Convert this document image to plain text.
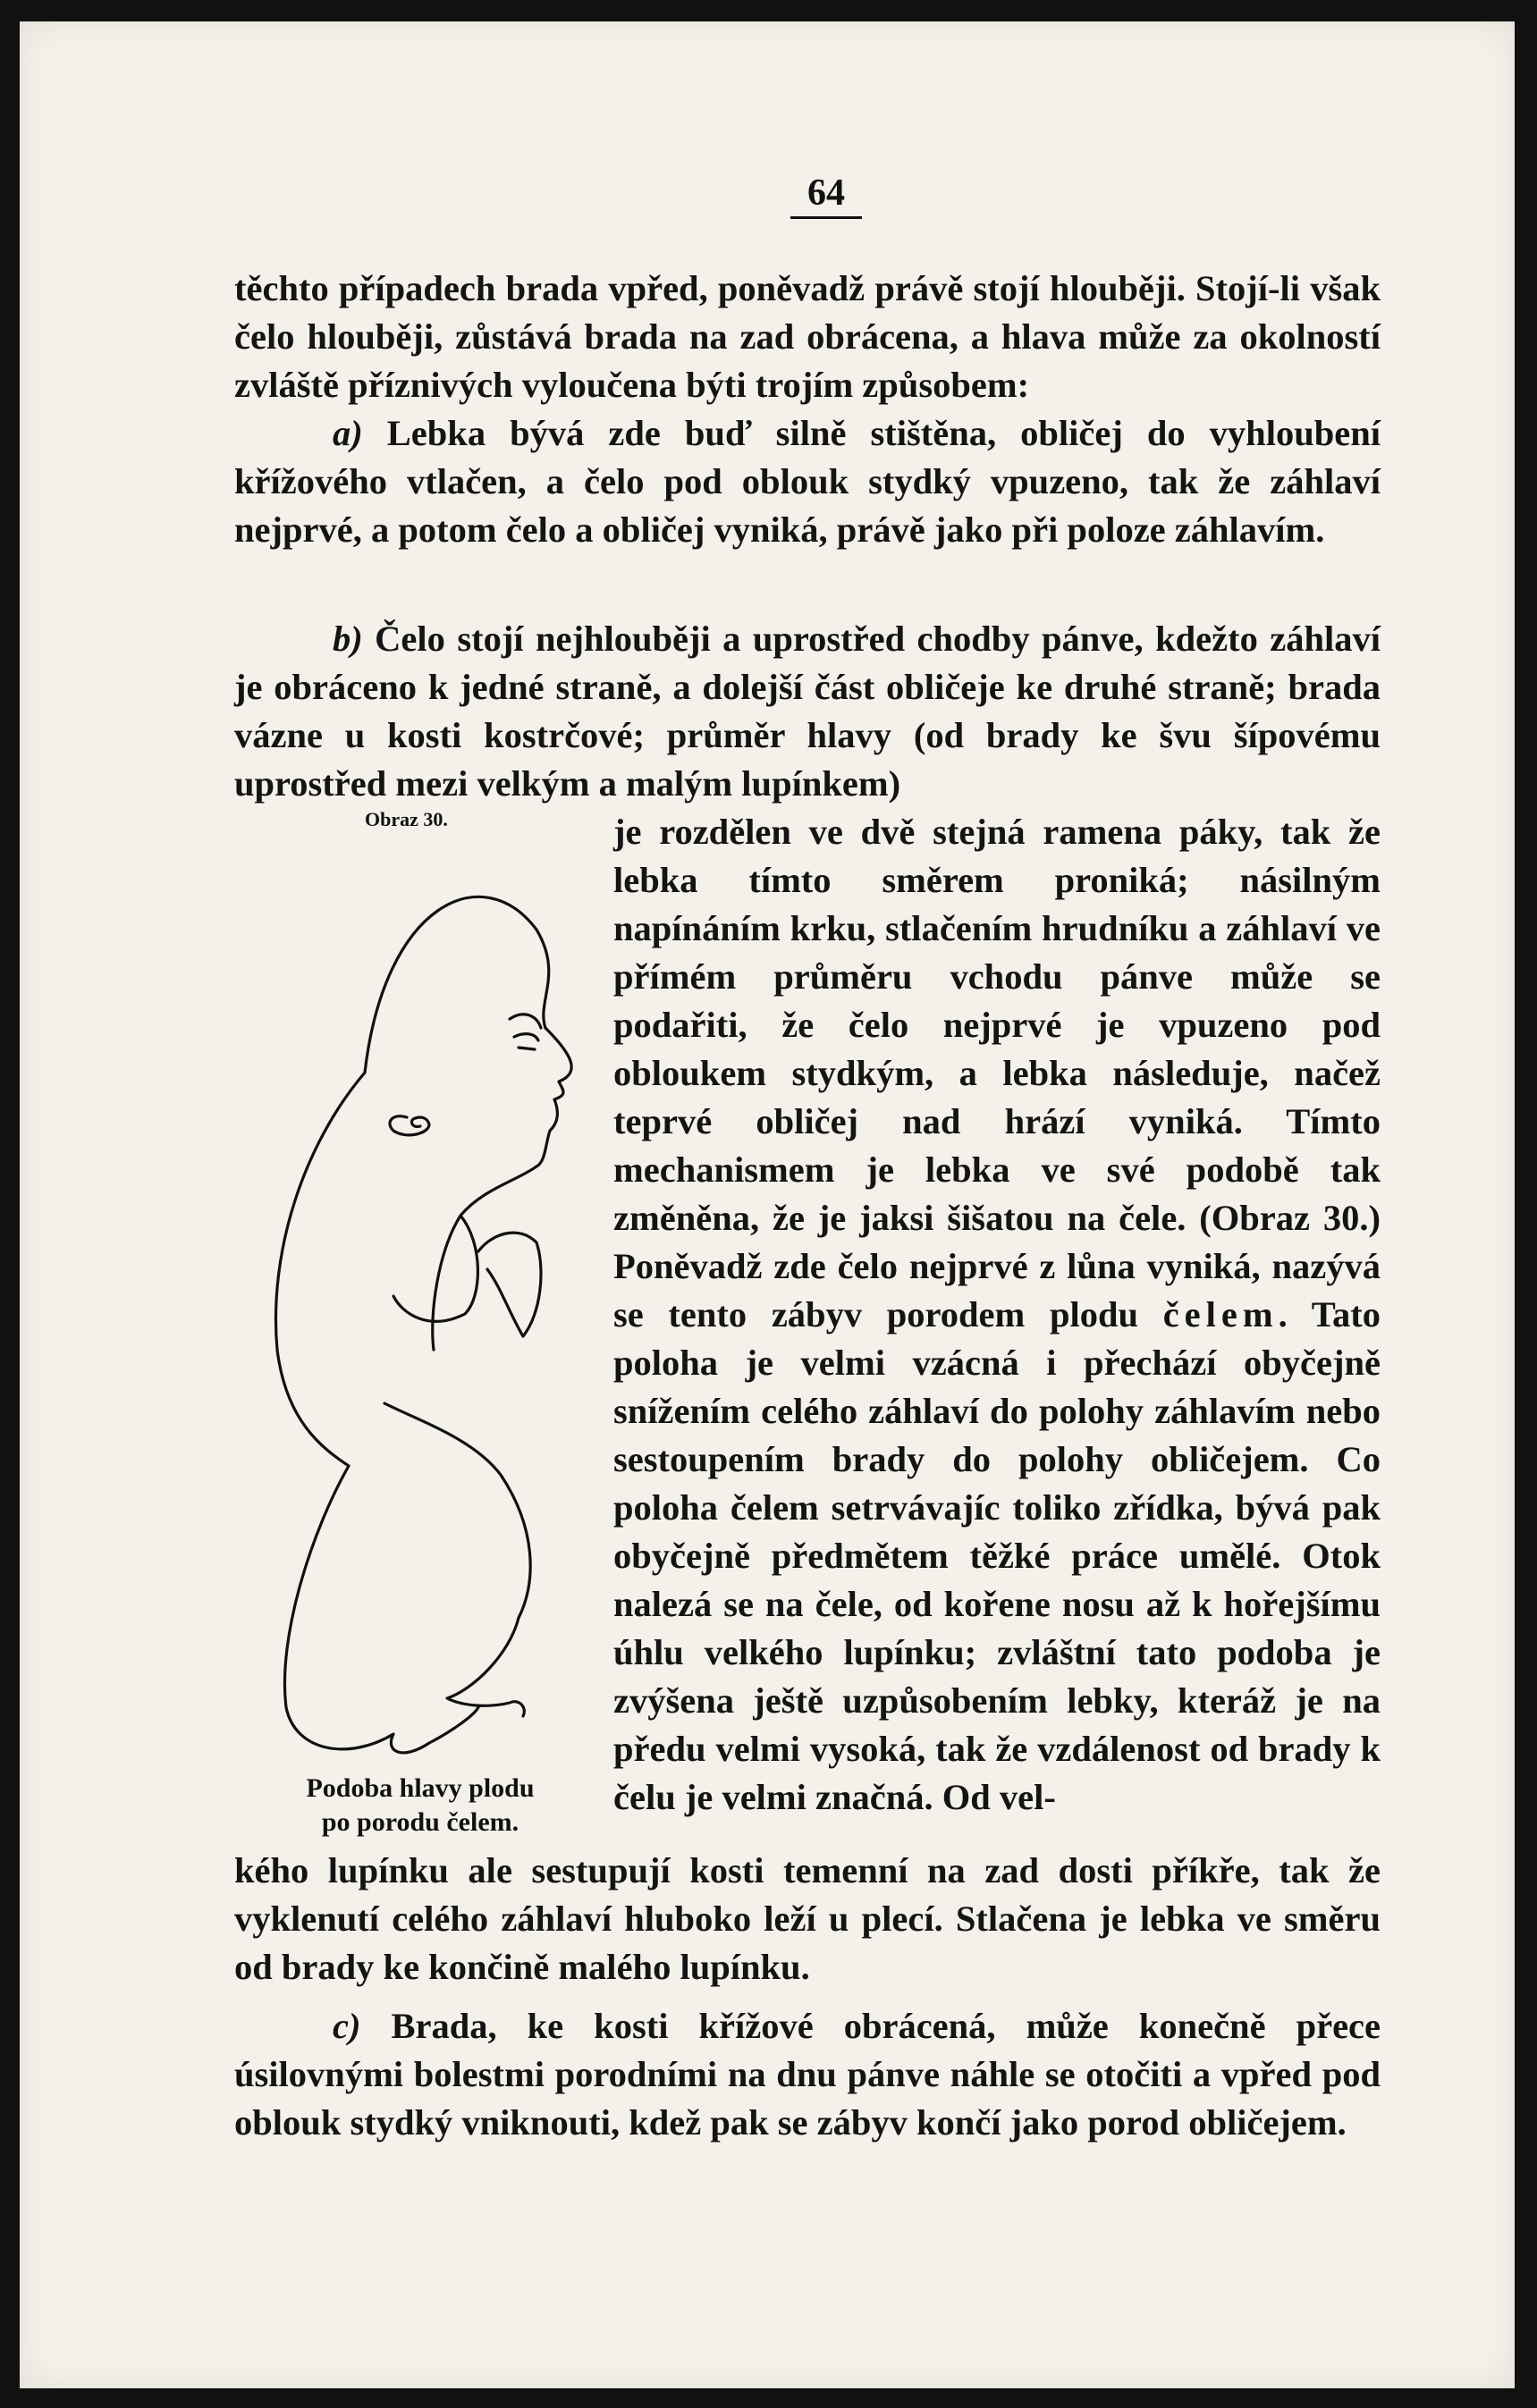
64

těchto případech brada vpřed, poněvadž právě stojí hlouběji. Stojí-li však čelo hlouběji, zůstává brada na zad obrácena, a hlava může za okolností zvláště příznivých vyloučena býti trojím způsobem:

a) Lebka bývá zde buď silně stištěna, obličej do vyhloubení křížového vtlačen, a čelo pod oblouk stydký vpuzeno, tak že záhlaví nejprvé, a potom čelo a obličej vyniká, právě jako při poloze záhlavím.

b) Čelo stojí nejhlouběji a uprostřed chodby pánve, kdežto záhlaví je obráceno k jedné straně, a dolejší část obličeje ke druhé straně; brada vázne u kosti kostrčové; průměr hlavy (od brady ke švu šípovému uprostřed mezi velkým a malým lupínkem)

Obraz 30.
Podoba hlavy plodu
po porodu čelem.

je rozdělen ve dvě stejná ramena páky, tak že lebka tímto směrem proniká; násilným napínáním krku, stlačením hrudníku a záhlaví ve přímém průměru vchodu pánve může se podařiti, že čelo nejprvé je vpuzeno pod obloukem stydkým, a lebka následuje, načež teprvé obličej nad hrází vyniká. Tímto mechanismem je lebka ve své podobě tak změněna, že je jaksi šišatou na čele. (Obraz 30.) Poněvadž zde čelo nejprvé z lůna vyniká, nazývá se tento zábyv porodem plodu čelem. Tato poloha je velmi vzácná i přechází obyčejně snížením celého záhlaví do polohy záhlavím nebo sestoupením brady do polohy obličejem. Co poloha čelem setrvávajíc toliko zřídka, bývá pak obyčejně předmětem těžké práce umělé. Otok nalezá se na čele, od kořene nosu až k hořejšímu úhlu velkého lupínku; zvláštní tato podoba je zvýšena ještě uzpůsobením lebky, kteráž je na předu velmi vysoká, tak že vzdálenost od brady k čelu je velmi značná. Od vel-

kého lupínku ale sestupují kosti temenní na zad dosti příkře, tak že vyklenutí celého záhlaví hluboko leží u plecí. Stlačena je lebka ve směru od brady ke končině malého lupínku.

c) Brada, ke kosti křížové obrácená, může konečně přece úsilovnými bolestmi porodními na dnu pánve náhle se otočiti a vpřed pod oblouk stydký vniknouti, kdež pak se zábyv končí jako porod obličejem.
